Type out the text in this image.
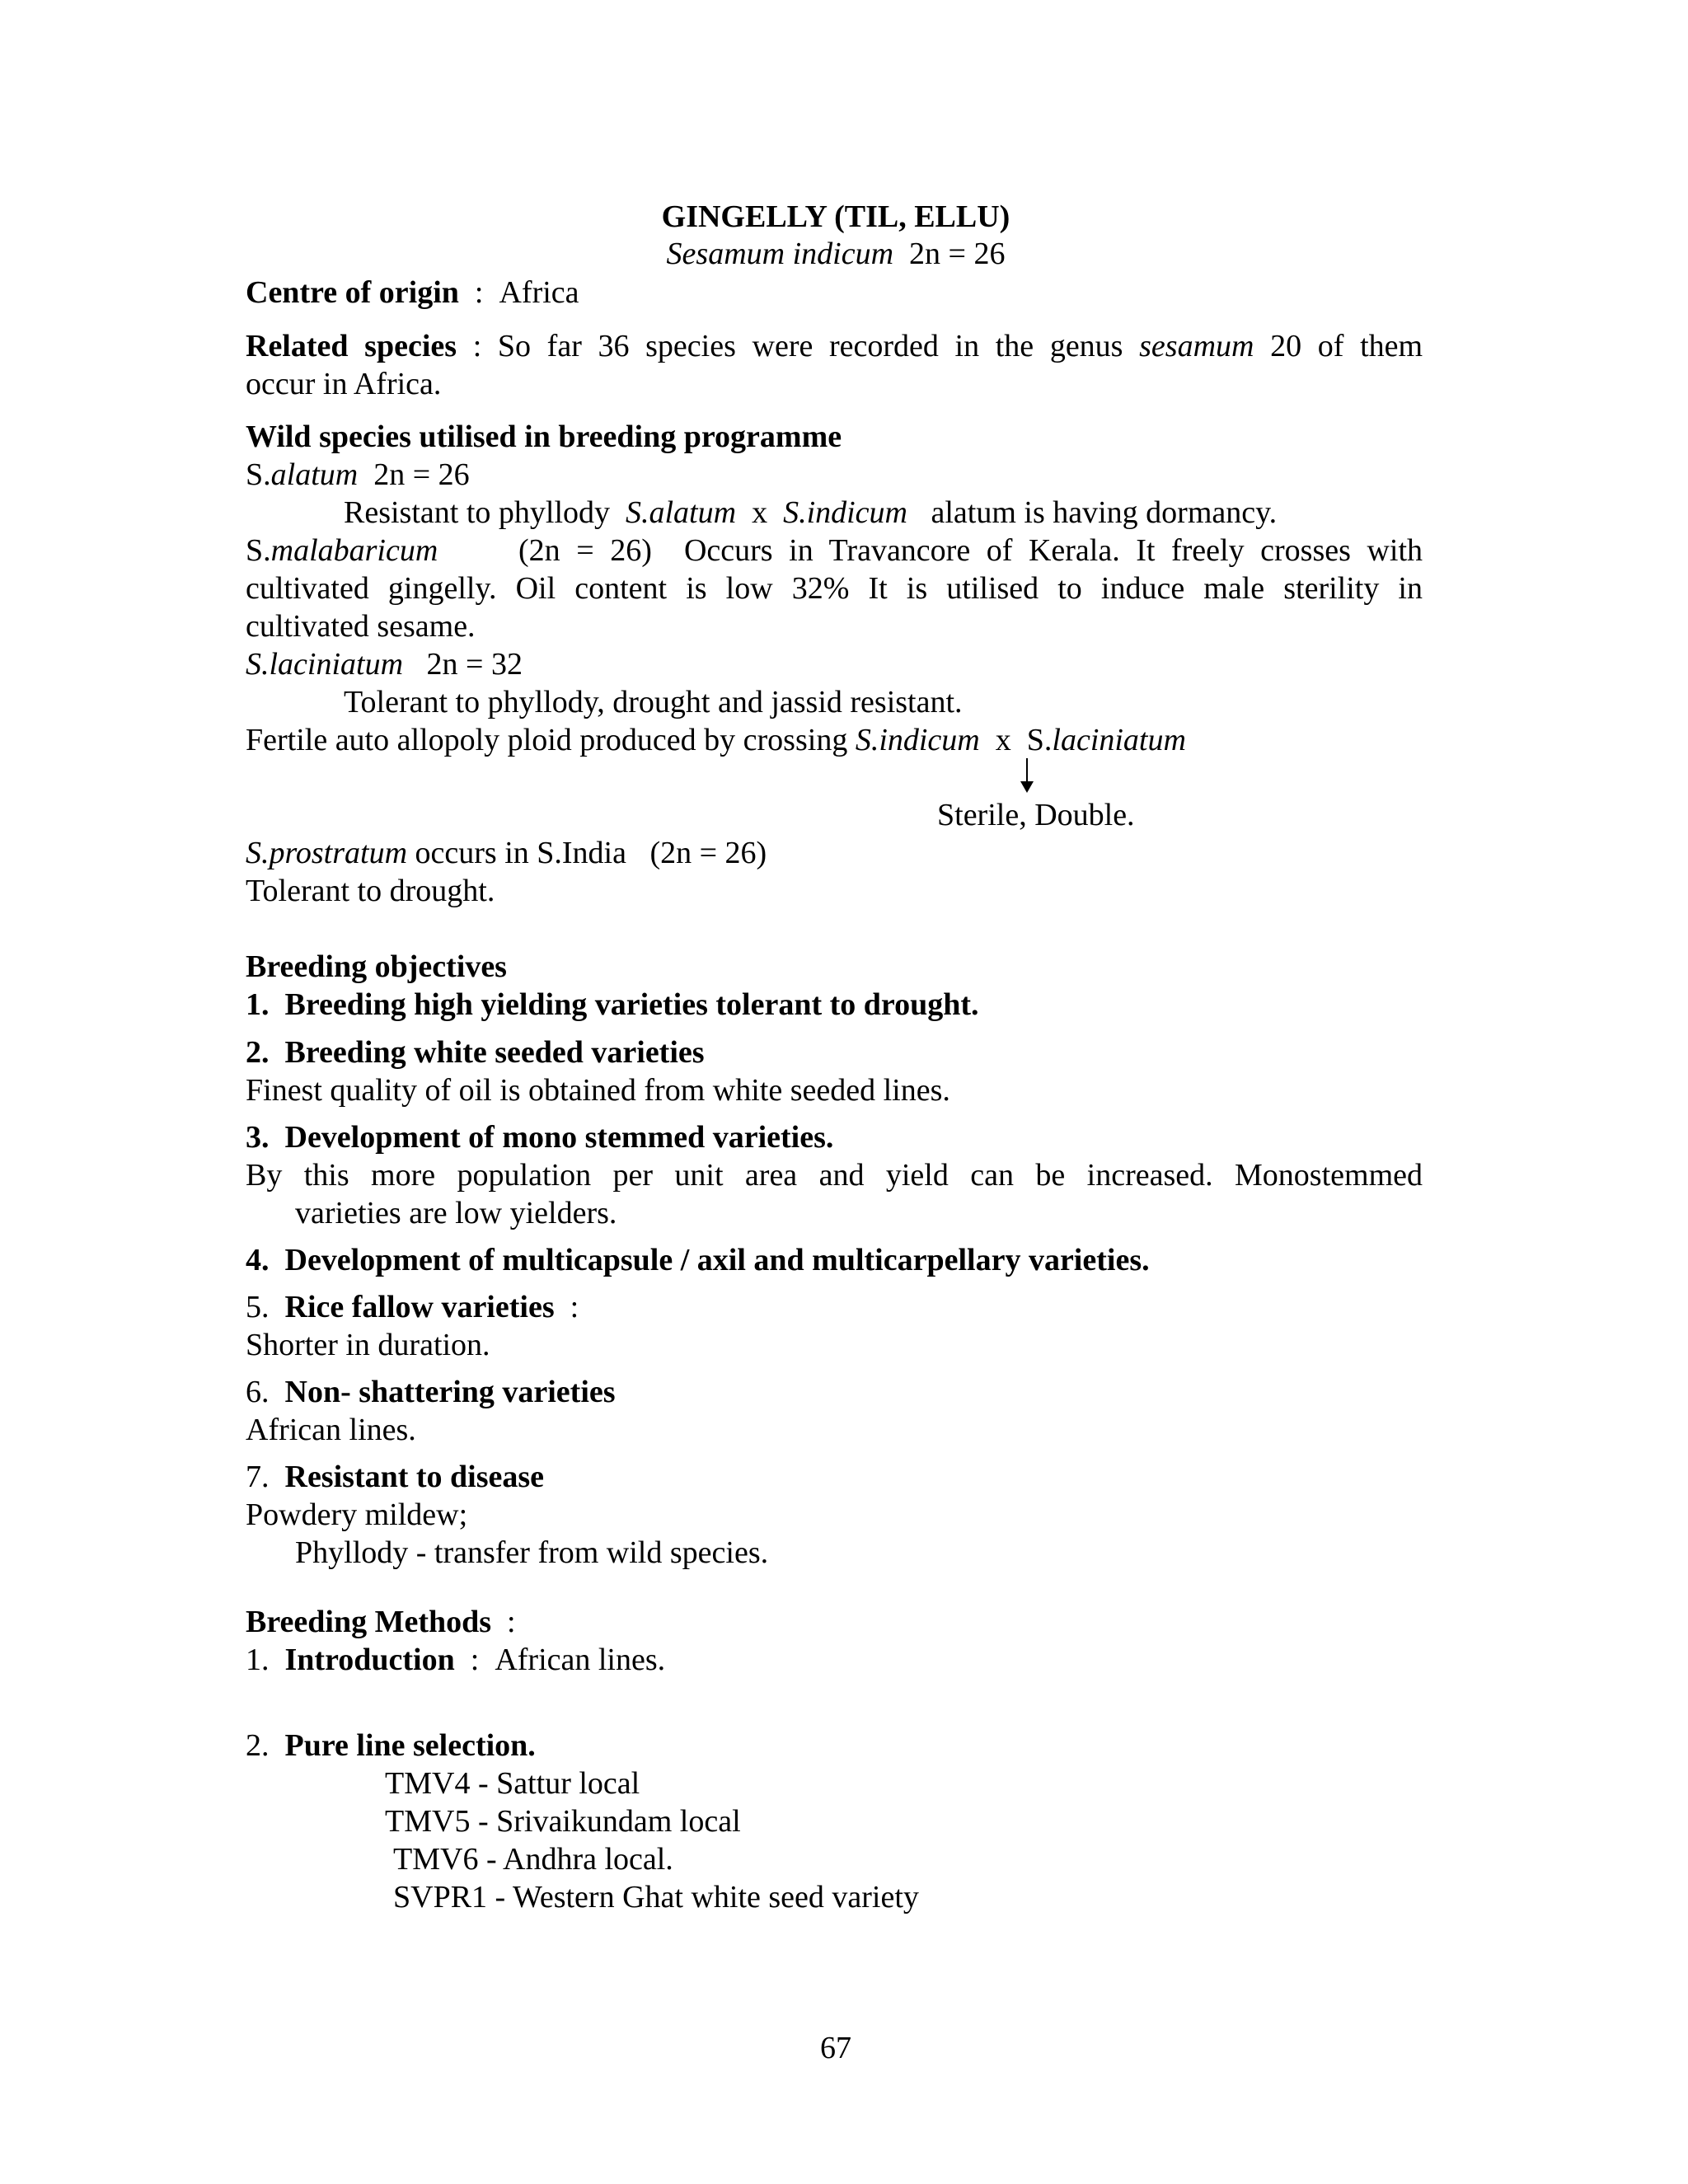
GINGELLY (TIL, ELLU)
Sesamum indicum 2n = 26
Centre of origin : Africa
Related species : So far 36 species were recorded in the genus sesamum 20 of them
occur in Africa.
Wild species utilised in breeding programme
S.alatum 2n = 26
Resistant to phyllody S.alatum x S.indicum alatum is having dormancy.
S.malabaricum	(2n = 26) Occurs in Travancore of Kerala. It freely crosses with
cultivated gingelly. Oil content is low 32% It is utilised to induce male sterility in
cultivated sesame.
S.laciniatum 2n = 32
Tolerant to phyllody, drought and jassid resistant.
Fertile auto allopoly ploid produced by crossing S.indicum x S.laciniatum
Sterile, Double.
S.prostratum occurs in S.India (2n = 26)
Tolerant to drought.
Breeding objectives
1. Breeding high yielding varieties tolerant to drought.
2. Breeding white seeded varieties
Finest quality of oil is obtained from white seeded lines.
3. Development of mono stemmed varieties.
By this more population per unit area and yield can be increased. Monostemmed
varieties are low yielders.
4. Development of multicapsule / axil and multicarpellary varieties.
5. Rice fallow varieties :
Shorter in duration.
6. Non- shattering varieties
African lines.
7. Resistant to disease
Powdery mildew;
Phyllody - transfer from wild species.
Breeding Methods :
1. Introduction : African lines.
2. Pure line selection.
TMV4 - Sattur local
TMV5 - Srivaikundam local
TMV6 - Andhra local.
SVPR1 - Western Ghat white seed variety
67
